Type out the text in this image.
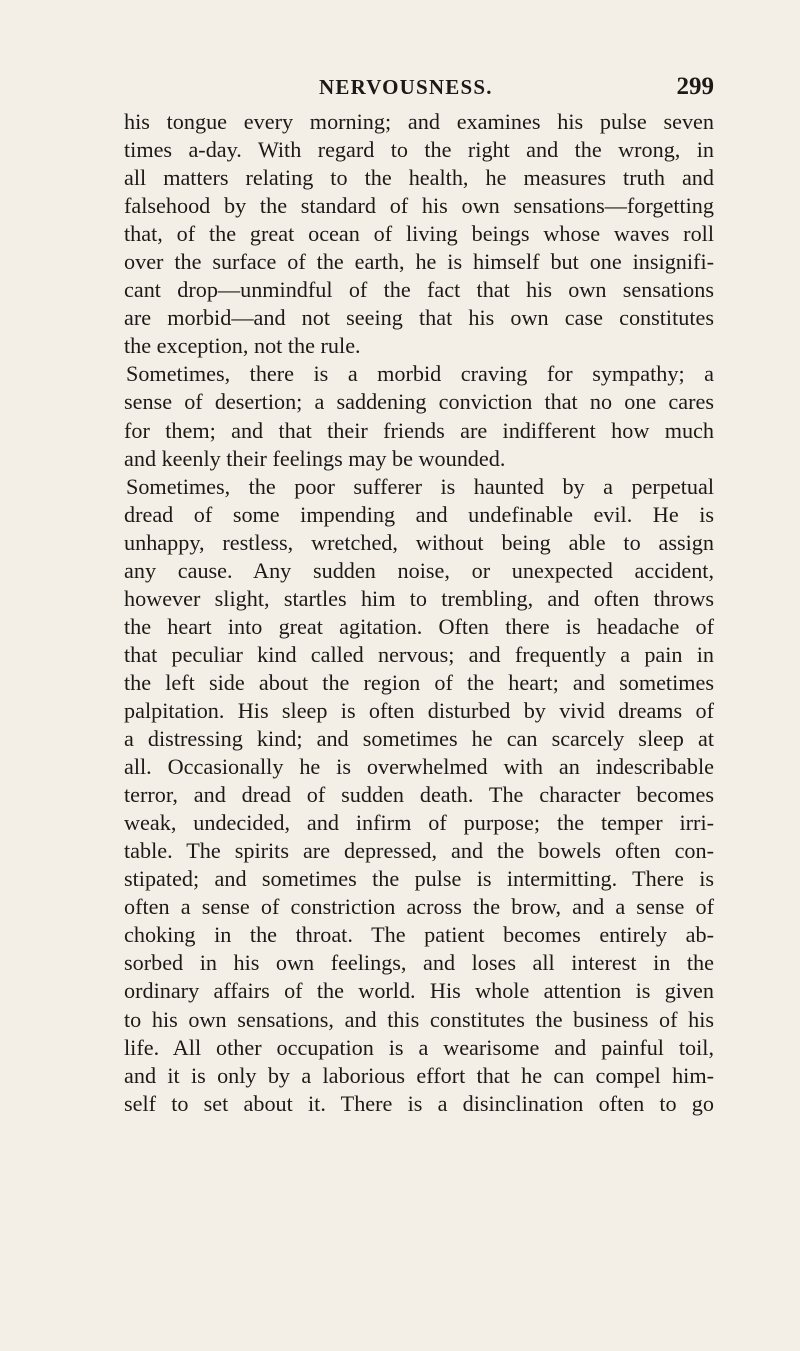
NERVOUSNESS.	299
his tongue every morning; and examines his pulse seven
times a-day. With regard to the right and the wrong, in
all matters relating to the health, he measures truth and
falsehood by the standard of his own sensations—forgetting
that, of the great ocean of living beings whose waves roll
over the surface of the earth, he is himself but one insignifi-
cant drop—unmindful of the fact that his own sensations
are morbid—and not seeing that his own case constitutes
the exception, not the rule.
Sometimes, there is a morbid craving for sympathy; a
sense of desertion; a saddening conviction that no one cares
for them; and that their friends are indifferent how much
and keenly their feelings may be wounded.
Sometimes, the poor sufferer is haunted by a perpetual
dread of some impending and undefinable evil. He is
unhappy, restless, wretched, without being able to assign
any cause. Any sudden noise, or unexpected accident,
however slight, startles him to trembling, and often throws
the heart into great agitation. Often there is headache of
that peculiar kind called nervous; and frequently a pain in
the left side about the region of the heart; and sometimes
palpitation. His sleep is often disturbed by vivid dreams of
a distressing kind; and sometimes he can scarcely sleep at
all. Occasionally he is overwhelmed with an indescribable
terror, and dread of sudden death. The character becomes
weak, undecided, and infirm of purpose; the temper irri-
table. The spirits are depressed, and the bowels often con-
stipated; and sometimes the pulse is intermitting. There is
often a sense of constriction across the brow, and a sense of
choking in the throat. The patient becomes entirely ab-
sorbed in his own feelings, and loses all interest in the
ordinary affairs of the world. His whole attention is given
to his own sensations, and this constitutes the business of his
life. All other occupation is a wearisome and painful toil,
and it is only by a laborious effort that he can compel him-
self to set about it. There is a disinclination often to go
